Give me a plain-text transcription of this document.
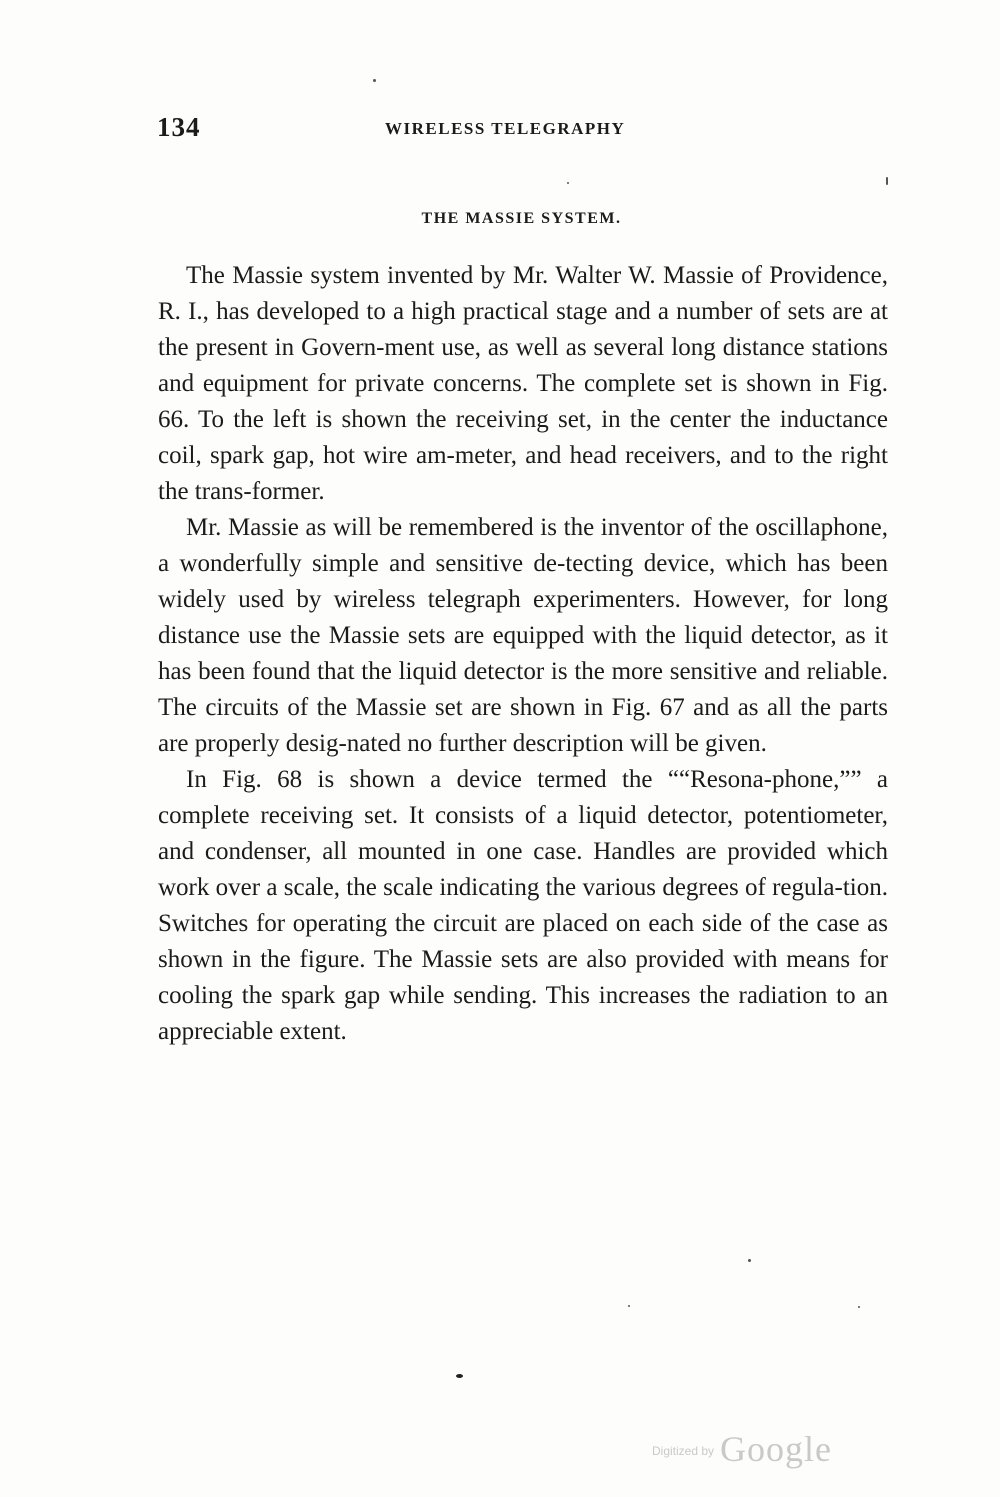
134	WIRELESS TELEGRAPHY
THE MASSIE SYSTEM.

The Massie system invented by Mr. Walter W. Massie of Providence, R. I., has developed to a high practical stage and a number of sets are at the present in Govern-ment use, as well as several long distance stations and equipment for private concerns. The complete set is shown in Fig. 66. To the left is shown the receiving set, in the center the inductance coil, spark gap, hot wire am-meter, and head receivers, and to the right the trans-former.

Mr. Massie as will be remembered is the inventor of the oscillaphone, a wonderfully simple and sensitive de-tecting device, which has been widely used by wireless telegraph experimenters. However, for long distance use the Massie sets are equipped with the liquid detector, as it has been found that the liquid detector is the more sensitive and reliable. The circuits of the Massie set are shown in Fig. 67 and as all the parts are properly desig-nated no further description will be given.

In Fig. 68 is shown a device termed the ““Resona-phone,”” a complete receiving set. It consists of a liquid detector, potentiometer, and condenser, all mounted in one case. Handles are provided which work over a scale, the scale indicating the various degrees of regula-tion. Switches for operating the circuit are placed on each side of the case as shown in the figure. The Massie sets are also provided with means for cooling the spark gap while sending. This increases the radiation to an appreciable extent.

$^{Digitized by}$ Google
